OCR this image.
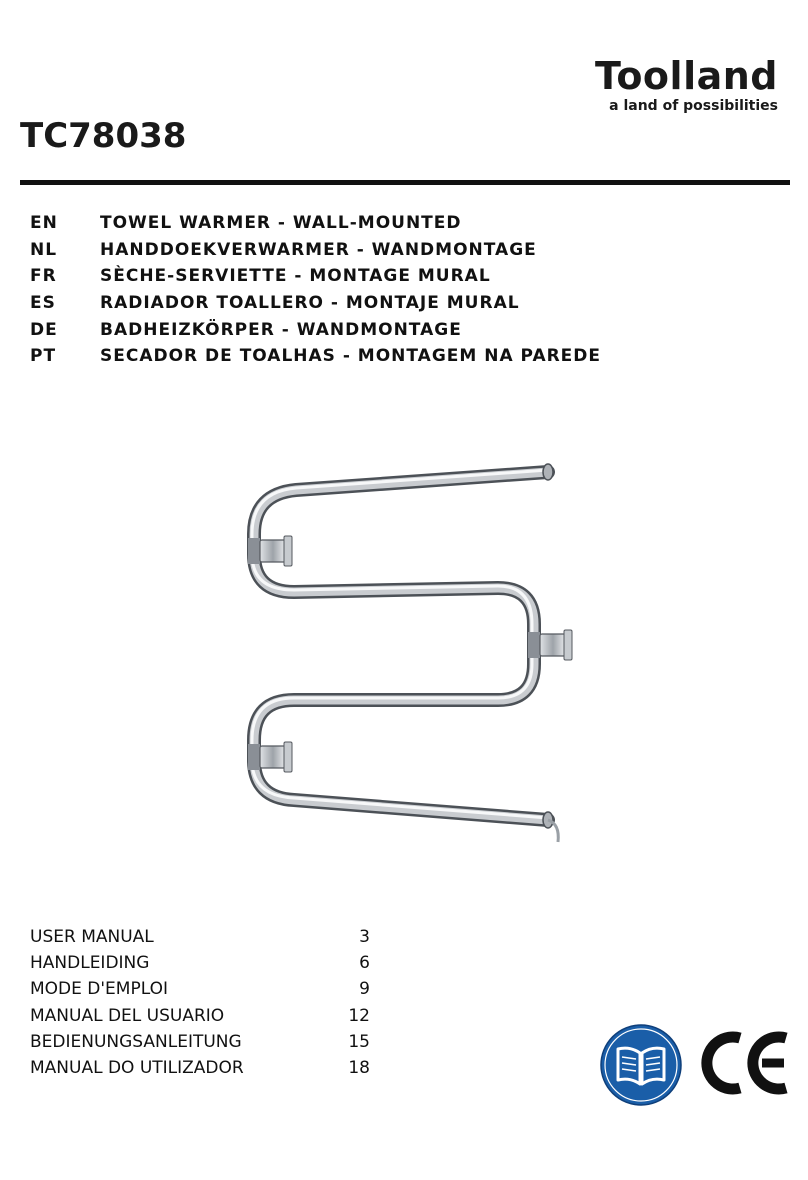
Toolland
a land of possibilities
TC78038
EN	TOWEL WARMER - WALL-MOUNTED
NL	HANDDOEKVERWARMER - WANDMONTAGE
FR	SÈCHE-SERVIETTE - MONTAGE MURAL
ES	RADIADOR TOALLERO - MONTAJE MURAL
DE	BADHEIZKÖRPER - WANDMONTAGE
PT	SECADOR DE TOALHAS - MONTAGEM NA PAREDE
USER MANUAL	3
HANDLEIDING	6
MODE D'EMPLOI	9
MANUAL DEL USUARIO	12
BEDIENUNGSANLEITUNG	15
MANUAL DO UTILIZADOR	18
